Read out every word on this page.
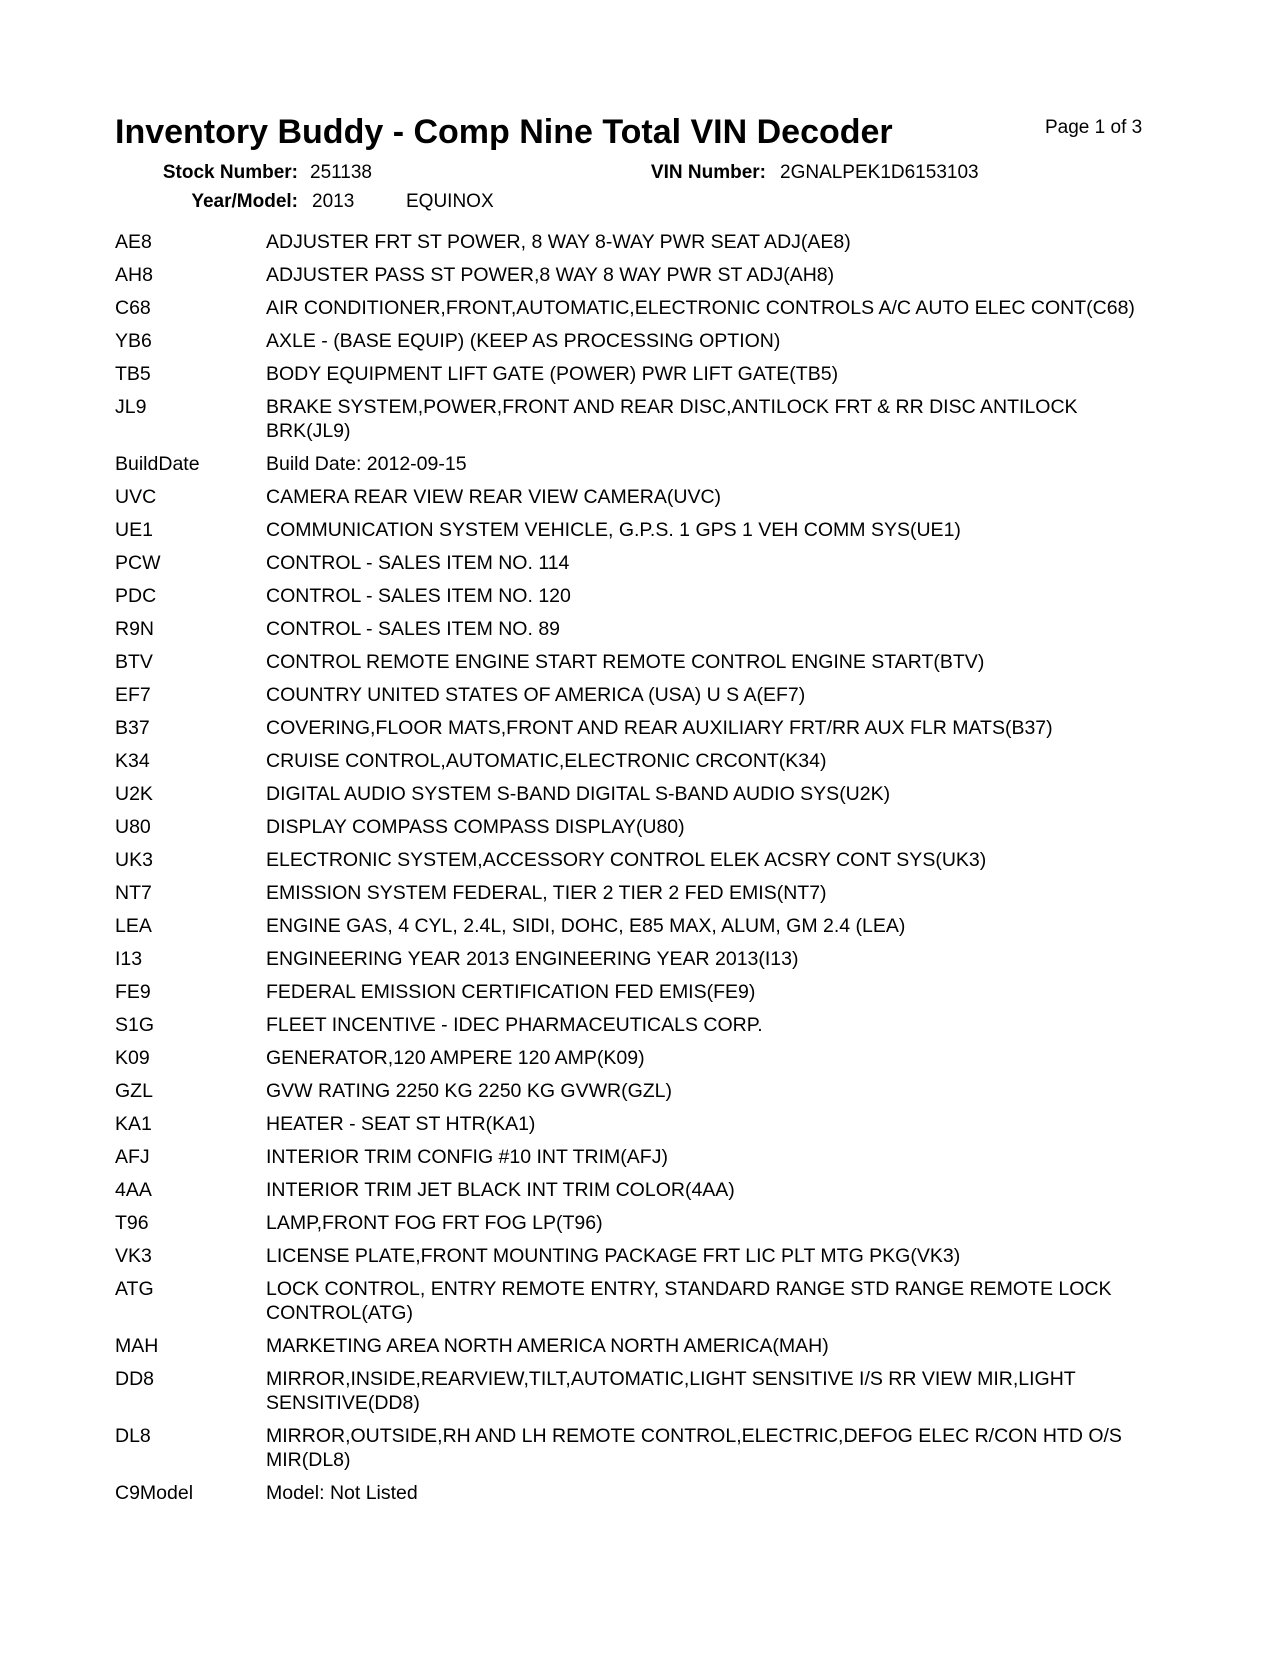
Inventory Buddy - Comp Nine Total VIN Decoder	Page 1 of 3
Stock Number: 251138	VIN Number: 2GNALPEK1D6153103
Year/Model: 2013	EQUINOX
AE8	ADJUSTER FRT ST POWER, 8 WAY 8-WAY PWR SEAT ADJ(AE8)
AH8	ADJUSTER PASS ST POWER,8 WAY 8 WAY PWR ST ADJ(AH8)
C68	AIR CONDITIONER,FRONT,AUTOMATIC,ELECTRONIC CONTROLS A/C AUTO ELEC CONT(C68)
YB6	AXLE - (BASE EQUIP) (KEEP AS PROCESSING OPTION)
TB5	BODY EQUIPMENT LIFT GATE (POWER) PWR LIFT GATE(TB5)
JL9	BRAKE SYSTEM,POWER,FRONT AND REAR DISC,ANTILOCK FRT & RR DISC ANTILOCK BRK(JL9)
BuildDate	Build Date: 2012-09-15
UVC	CAMERA REAR VIEW REAR VIEW CAMERA(UVC)
UE1	COMMUNICATION SYSTEM VEHICLE, G.P.S. 1 GPS 1 VEH COMM SYS(UE1)
PCW	CONTROL - SALES ITEM NO. 114
PDC	CONTROL - SALES ITEM NO. 120
R9N	CONTROL - SALES ITEM NO. 89
BTV	CONTROL REMOTE ENGINE START REMOTE CONTROL ENGINE START(BTV)
EF7	COUNTRY UNITED STATES OF AMERICA (USA) U S A(EF7)
B37	COVERING,FLOOR MATS,FRONT AND REAR AUXILIARY FRT/RR AUX FLR MATS(B37)
K34	CRUISE CONTROL,AUTOMATIC,ELECTRONIC CRCONT(K34)
U2K	DIGITAL AUDIO SYSTEM S-BAND DIGITAL S-BAND AUDIO SYS(U2K)
U80	DISPLAY COMPASS COMPASS DISPLAY(U80)
UK3	ELECTRONIC SYSTEM,ACCESSORY CONTROL ELEK ACSRY CONT SYS(UK3)
NT7	EMISSION SYSTEM FEDERAL, TIER 2 TIER 2 FED EMIS(NT7)
LEA	ENGINE GAS, 4 CYL, 2.4L, SIDI, DOHC, E85 MAX, ALUM, GM 2.4 (LEA)
I13	ENGINEERING YEAR 2013 ENGINEERING YEAR 2013(I13)
FE9	FEDERAL EMISSION CERTIFICATION FED EMIS(FE9)
S1G	FLEET INCENTIVE - IDEC PHARMACEUTICALS CORP.
K09	GENERATOR,120 AMPERE 120 AMP(K09)
GZL	GVW RATING 2250 KG 2250 KG GVWR(GZL)
KA1	HEATER - SEAT ST HTR(KA1)
AFJ	INTERIOR TRIM CONFIG #10 INT TRIM(AFJ)
4AA	INTERIOR TRIM JET BLACK INT TRIM COLOR(4AA)
T96	LAMP,FRONT FOG FRT FOG LP(T96)
VK3	LICENSE PLATE,FRONT MOUNTING PACKAGE FRT LIC PLT MTG PKG(VK3)
ATG	LOCK CONTROL, ENTRY REMOTE ENTRY, STANDARD RANGE STD RANGE REMOTE LOCK CONTROL(ATG)
MAH	MARKETING AREA NORTH AMERICA NORTH AMERICA(MAH)
DD8	MIRROR,INSIDE,REARVIEW,TILT,AUTOMATIC,LIGHT SENSITIVE I/S RR VIEW MIR,LIGHT SENSITIVE(DD8)
DL8	MIRROR,OUTSIDE,RH AND LH REMOTE CONTROL,ELECTRIC,DEFOG ELEC R/CON HTD O/S MIR(DL8)
C9Model	Model: Not Listed
